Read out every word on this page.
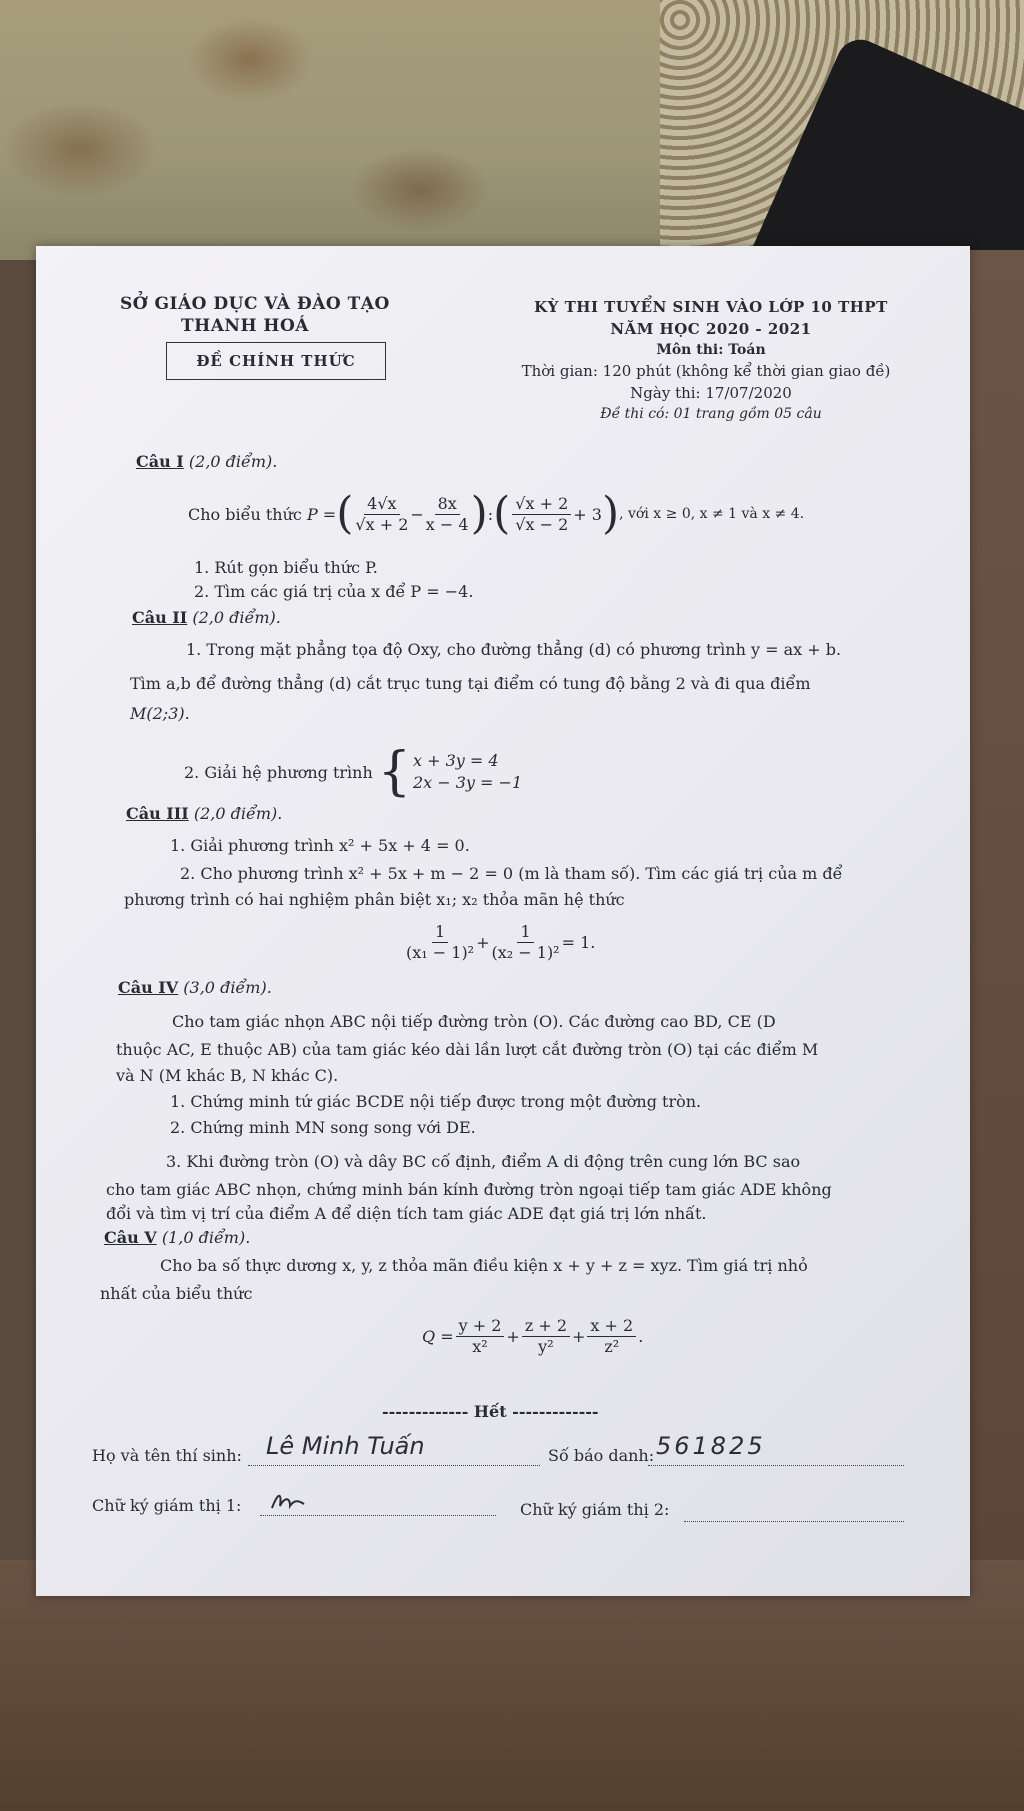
SỞ GIÁO DỤC VÀ ĐÀO TẠO
THANH HOÁ
ĐỀ CHÍNH THỨC
KỲ THI TUYỂN SINH VÀO LỚP 10 THPT
NĂM HỌC 2020 - 2021
Môn thi: Toán
Thời gian: 120 phút (không kể thời gian giao đề)
Ngày thi: 17/07/2020
Đề thi có: 01 trang gồm 05 câu
Câu I (2,0 điểm).
Cho biểu thức
P = ( $\frac{4√x}{√x + 2} - \frac{8x}{x - 4}$ ) : ( $\frac{√x + 2}{√x - 2} + 3$ ) , với x ≥ 0, x ≠ 1 và x ≠ 4.
1. Rút gọn biểu thức P.
2. Tìm các giá trị của x để P = −4.
Câu II (2,0 điểm).
1. Trong mặt phẳng tọa độ Oxy, cho đường thẳng (d) có phương trình y = ax + b.
Tìm a,b để đường thẳng (d) cắt trục tung tại điểm có tung độ bằng 2 và đi qua điểm
M(2;3).
2. Giải hệ phương trình
{ x + 3y = 4
2x − 3y = −1
Câu III (2,0 điểm).
1. Giải phương trình x² + 5x + 4 = 0.
2. Cho phương trình x² + 5x + m − 2 = 0 (m là tham số). Tìm các giá trị của m để
phương trình có hai nghiệm phân biệt x₁; x₂ thỏa mãn hệ thức
$\frac{1}{\text{(x₁ − 1)²}} + \frac{1}{\text{(x₂ − 1)²}} = 1$.
Câu IV (3,0 điểm).
Cho tam giác nhọn ABC nội tiếp đường tròn (O). Các đường cao BD, CE (D
thuộc AC, E thuộc AB) của tam giác kéo dài lần lượt cắt đường tròn (O) tại các điểm M
và N (M khác B, N khác C).
1. Chứng minh tứ giác BCDE nội tiếp được trong một đường tròn.
2. Chứng minh MN song song với DE.
3. Khi đường tròn (O) và dây BC cố định, điểm A di động trên cung lớn BC sao
cho tam giác ABC nhọn, chứng minh bán kính đường tròn ngoại tiếp tam giác ADE không
đổi và tìm vị trí của điểm A để diện tích tam giác ADE đạt giá trị lớn nhất.
Câu V (1,0 điểm).
Cho ba số thực dương x, y, z thỏa mãn điều kiện x + y + z = xyz. Tìm giá trị nhỏ
nhất của biểu thức
$Q = \frac{y + 2}{\text{x²}} + \frac{z + 2}{\text{y²}} + \frac{x + 2}{\text{z²}}$ .
------------- Hết -------------
Họ và tên thí sinh: Lê Minh Tuấn	Số báo danh: 561825
Chữ ký giám thị 1:	Chữ ký giám thị 2:
